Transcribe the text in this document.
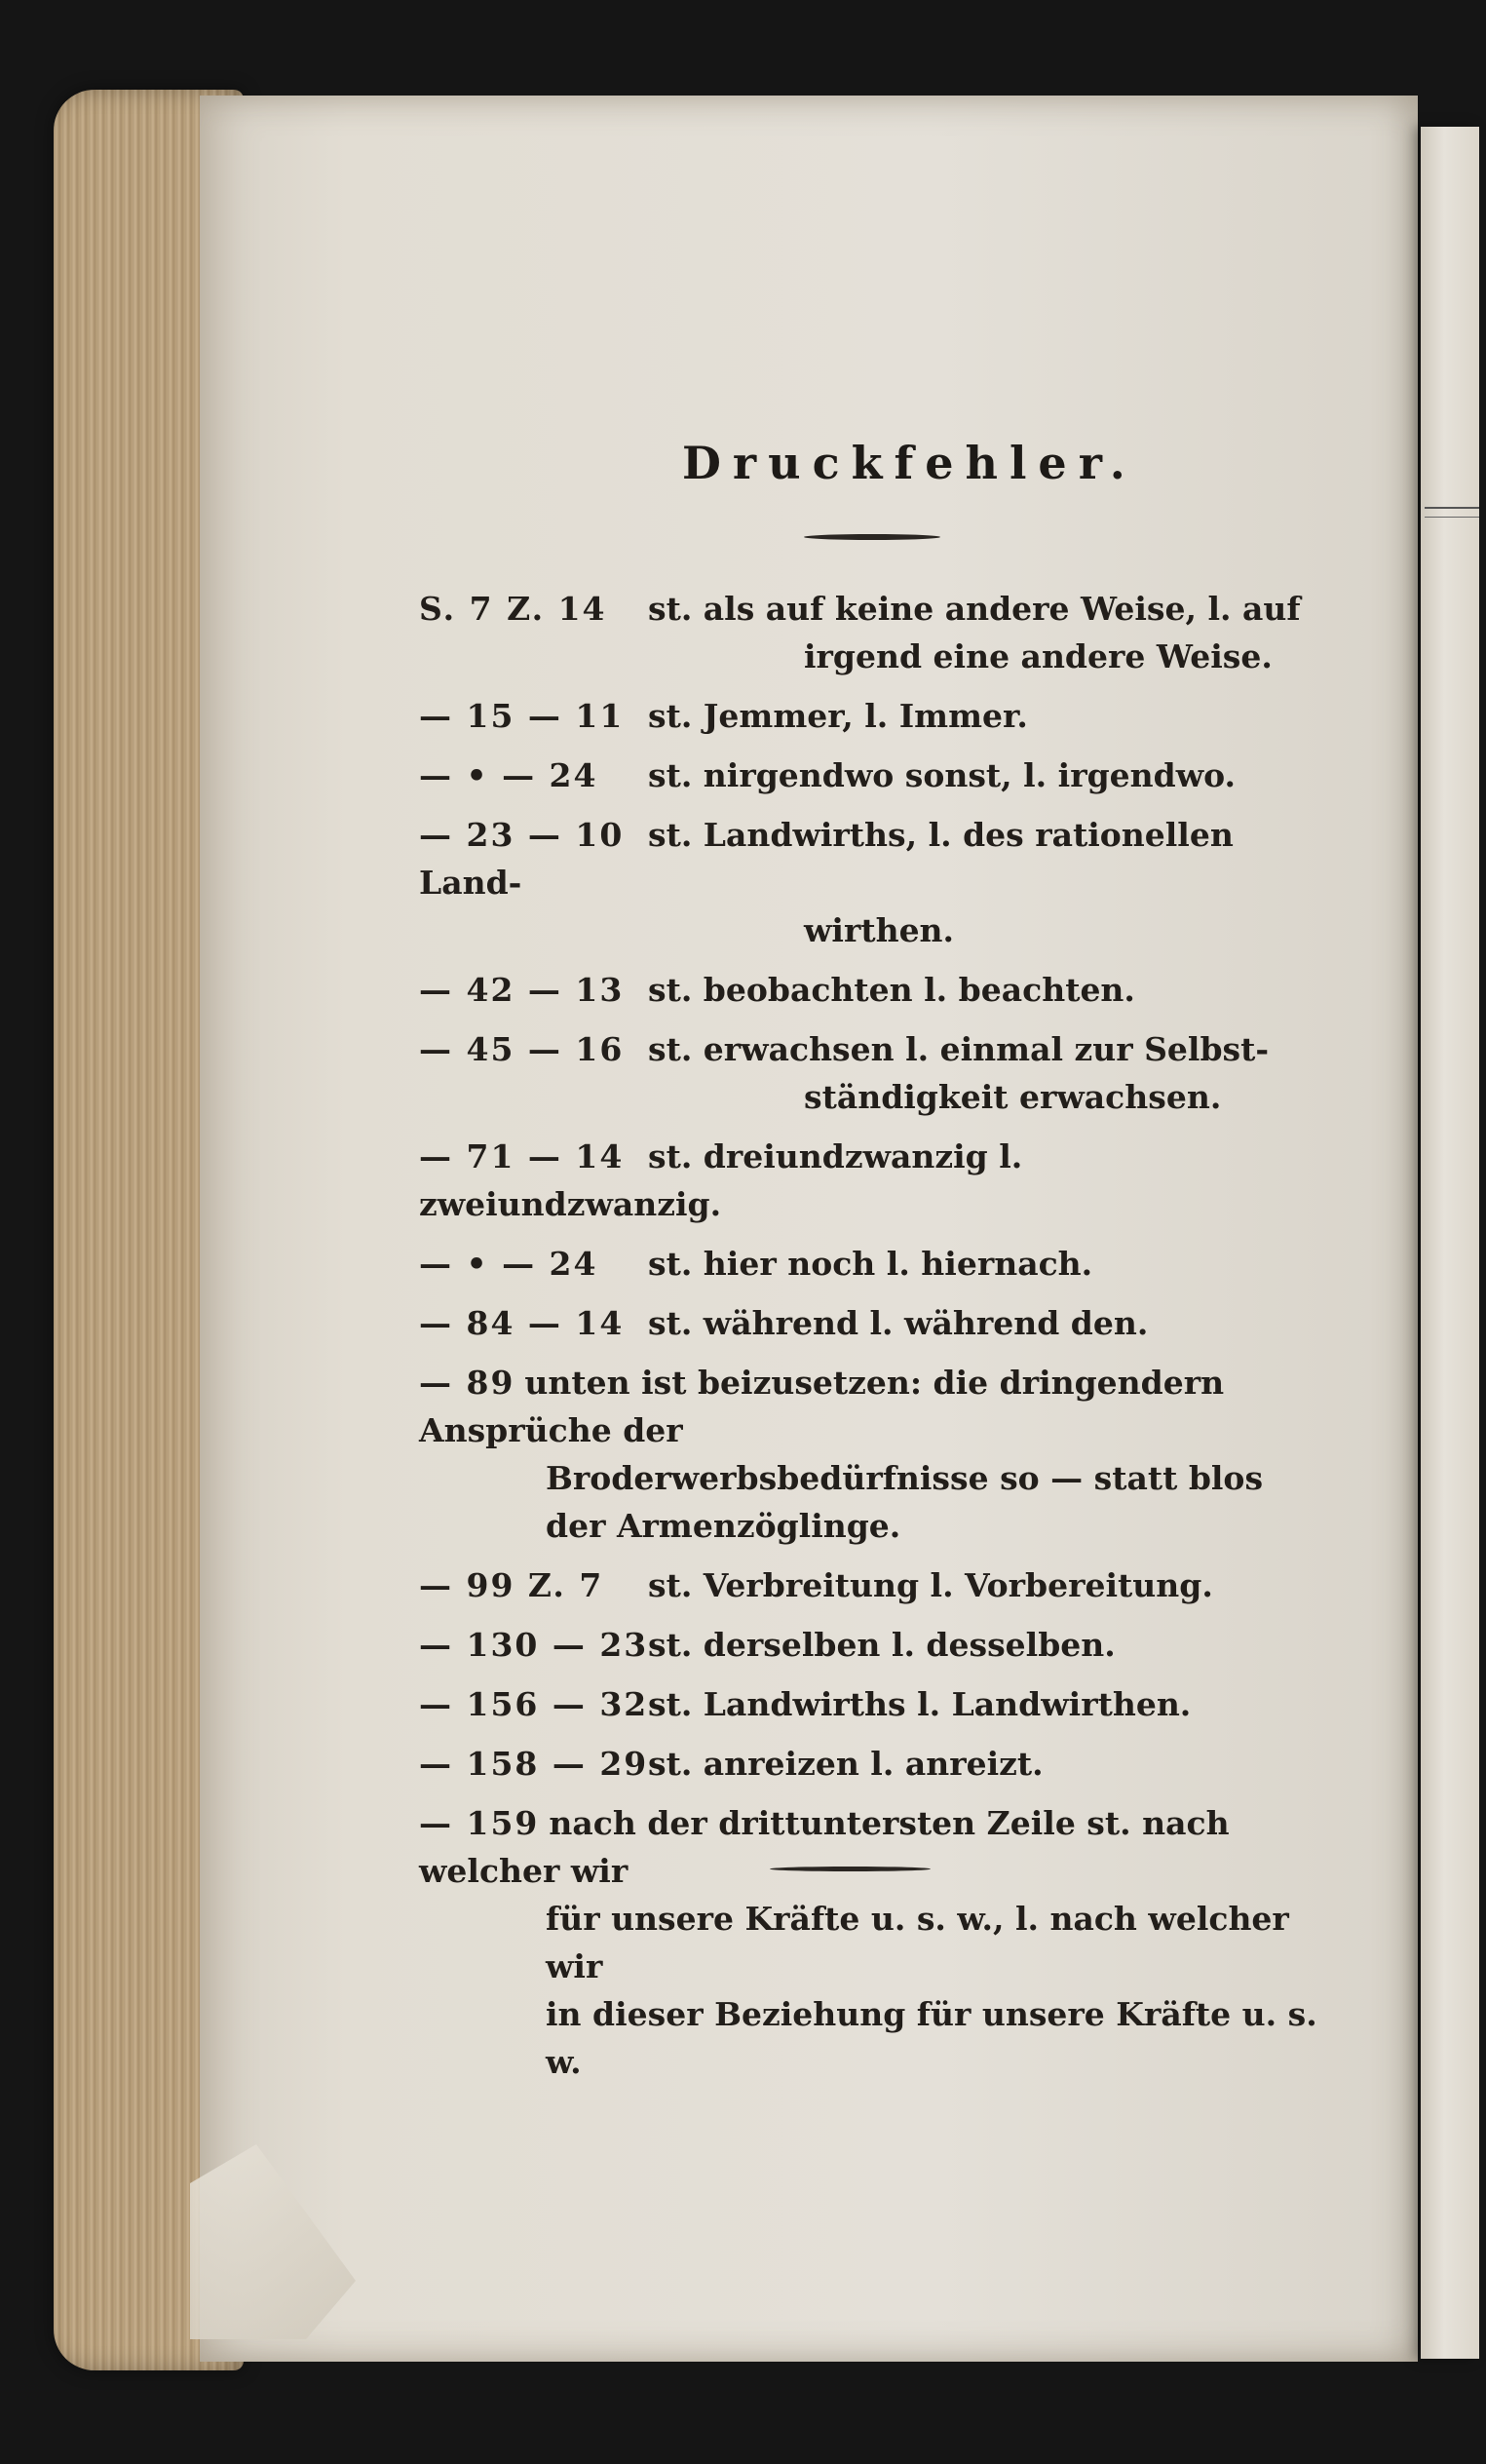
Druckfehler.
S. 7 Z. 14 st. als auf keine andere Weise, l. auf
irgend eine andere Weise.
— 15 — 11 st. Jemmer, l. Immer.
— • — 24 st. nirgendwo sonst, l. irgendwo.
— 23 — 10 st. Landwirths, l. des rationellen Land-
wirthen.
— 42 — 13 st. beobachten l. beachten.
— 45 — 16 st. erwachsen l. einmal zur Selbst-
ständigkeit erwachsen.
— 71 — 14 st. dreiundzwanzig l. zweiundzwanzig.
— • — 24 st. hier noch l. hiernach.
— 84 — 14 st. während l. während den.
— 89 unten ist beizusetzen: die dringendern Ansprüche der
Broderwerbsbedürfnisse so — statt blos
der Armenzöglinge.
— 99 Z. 7 st. Verbreitung l. Vorbereitung.
— 130 — 23st. derselben l. desselben.
— 156 — 32st. Landwirths l. Landwirthen.
— 158 — 29st. anreizen l. anreizt.
— 159 nach der drittuntersten Zeile st. nach welcher wir
für unsere Kräfte u. s. w., l. nach welcher wir
in dieser Beziehung für unsere Kräfte u. s. w.
